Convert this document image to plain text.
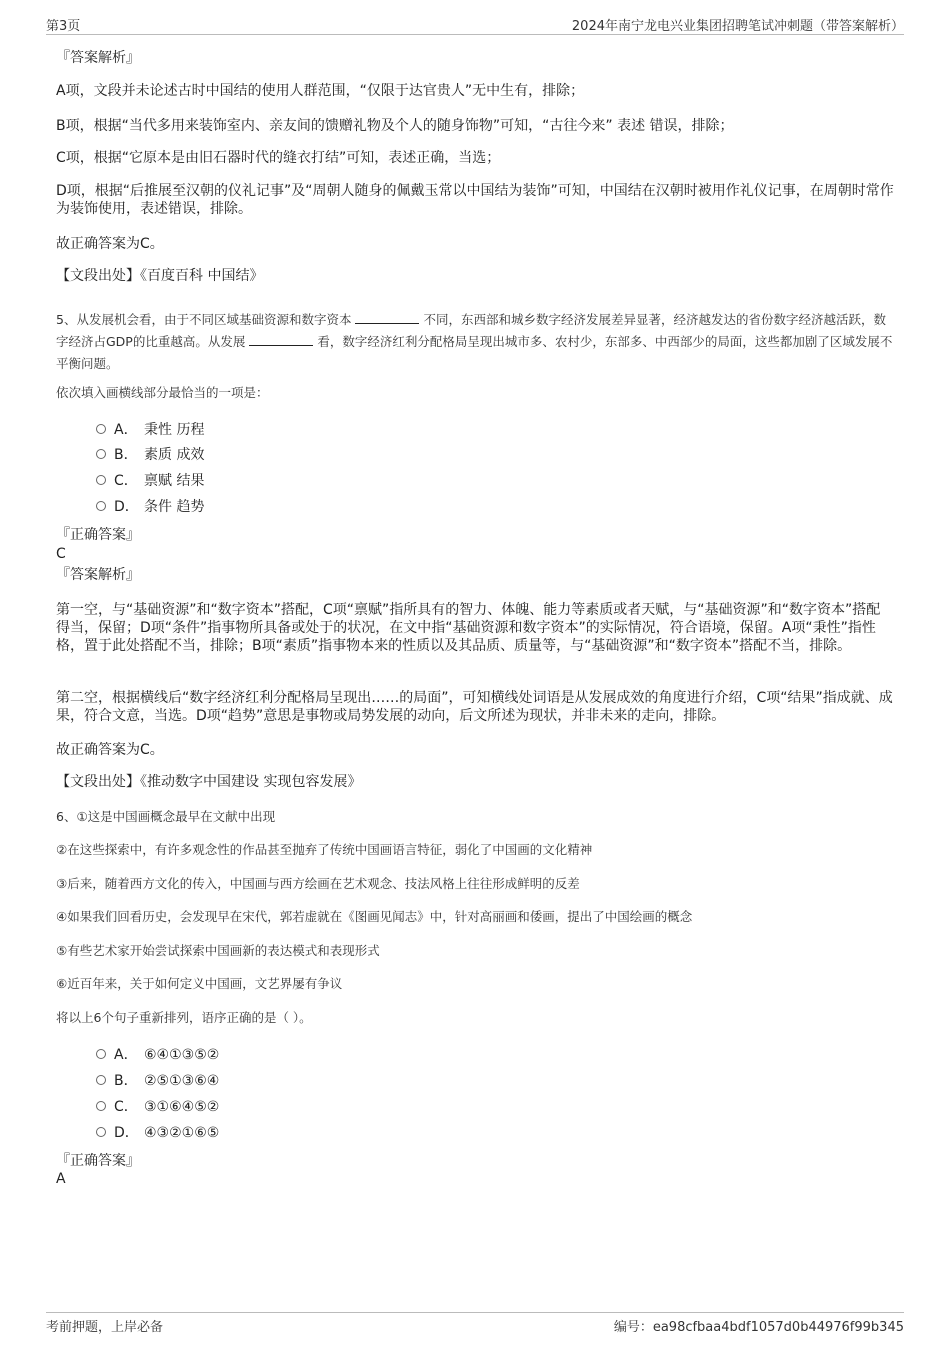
第3页	2024年南宁龙电兴业集团招聘笔试冲刺题（带答案解析）
『答案解析』
A项，文段并未论述古时中国结的使用人群范围，“仅限于达官贵人”无中生有，排除；
B项，根据“当代多用来装饰室内、亲友间的馈赠礼物及个人的随身饰物”可知，“古往今来” 表述 错误，排除；
C项，根据“它原本是由旧石器时代的缝衣打结”可知，表述正确，当选；
D项，根据“后推展至汉朝的仪礼记事”及“周朝人随身的佩戴玉常以中国结为装饰”可知，中国结在汉朝时被用作礼仪记事，在周朝时常作为装饰使用，表述错误，排除。
故正确答案为C。
【文段出处】《百度百科 中国结》
5、从发展机会看，由于不同区域基础资源和数字资本	不同，东西部和城乡数字经济发展差异显著，经济越发达的省份数字经济越活跃，数字经济占GDP的比重越高。从发展	看，数字经济红利分配格局呈现出城市多、农村少，东部多、中西部少的局面，这些都加剧了区域发展不平衡问题。
依次填入画横线部分最恰当的一项是：
A． 秉性 历程
B． 素质 成效
C． 禀赋 结果
D． 条件 趋势
『正确答案』
C
『答案解析』
第一空，与“基础资源”和“数字资本”搭配，C项“禀赋”指所具有的智力、体魄、能力等素质或者天赋，与“基础资源”和“数字资本”搭配得当，保留；D项“条件”指事物所具备或处于的状况，在文中指“基础资源和数字资本”的实际情况，符合语境，保留。A项“秉性”指性格，置于此处搭配不当，排除；B项“素质”指事物本来的性质以及其品质、质量等，与“基础资源”和“数字资本”搭配不当，排除。
第二空，根据横线后“数字经济红利分配格局呈现出……的局面”，可知横线处词语是从发展成效的角度进行介绍，C项“结果”指成就、成果，符合文意，当选。D项“趋势”意思是事物或局势发展的动向，后文所述为现状，并非未来的走向，排除。
故正确答案为C。
【文段出处】《推动数字中国建设 实现包容发展》
6、①这是中国画概念最早在文献中出现
②在这些探索中，有许多观念性的作品甚至抛弃了传统中国画语言特征，弱化了中国画的文化精神
③后来，随着西方文化的传入，中国画与西方绘画在艺术观念、技法风格上往往形成鲜明的反差
④如果我们回看历史，会发现早在宋代，郭若虚就在《图画见闻志》中，针对高丽画和倭画，提出了中国绘画的概念
⑤有些艺术家开始尝试探索中国画新的表达模式和表现形式
⑥近百年来，关于如何定义中国画，文艺界屡有争议
将以上6个句子重新排列，语序正确的是（ ）。
A． ⑥④①③⑤②
B． ②⑤①③⑥④
C． ③①⑥④⑤②
D． ④③②①⑥⑤
『正确答案』
A
考前押题，上岸必备	编号：ea98cfbaa4bdf1057d0b44976f99b345
